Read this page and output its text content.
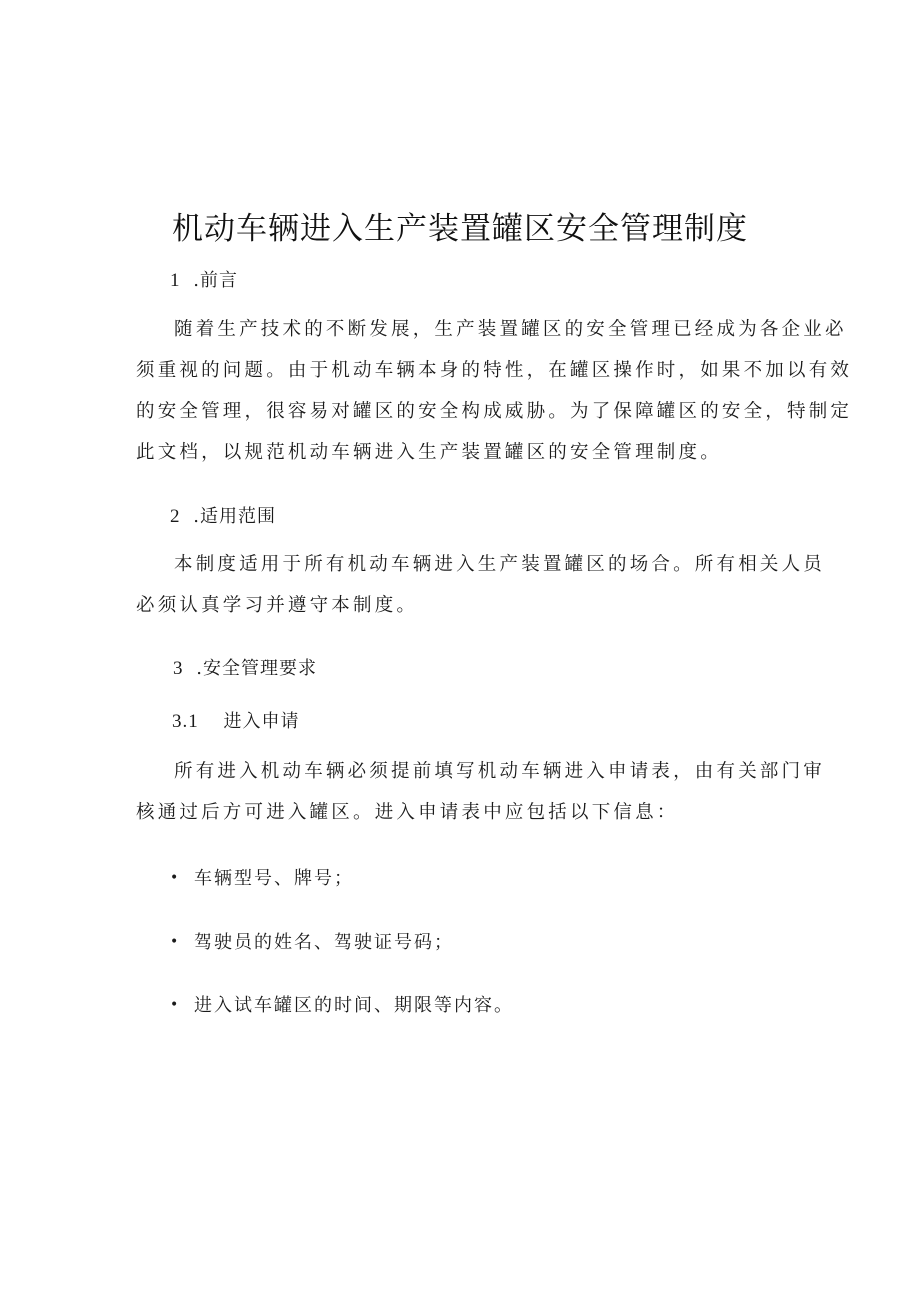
机动车辆进入生产装置罐区安全管理制度
1 .前言
随着生产技术的不断发展，生产装置罐区的安全管理已经成为各企业必
须重视的问题。由于机动车辆本身的特性，在罐区操作时，如果不加以有效
的安全管理，很容易对罐区的安全构成威胁。为了保障罐区的安全，特制定
此文档，以规范机动车辆进入生产装置罐区的安全管理制度。
2 .适用范围
本制度适用于所有机动车辆进入生产装置罐区的场合。所有相关人员
必须认真学习并遵守本制度。
3 .安全管理要求
3.1 进入申请
所有进入机动车辆必须提前填写机动车辆进入申请表，由有关部门审
核通过后方可进入罐区。进入申请表中应包括以下信息：
• 车辆型号、牌号；
• 驾驶员的姓名、驾驶证号码；
• 进入试车罐区的时间、期限等内容。
